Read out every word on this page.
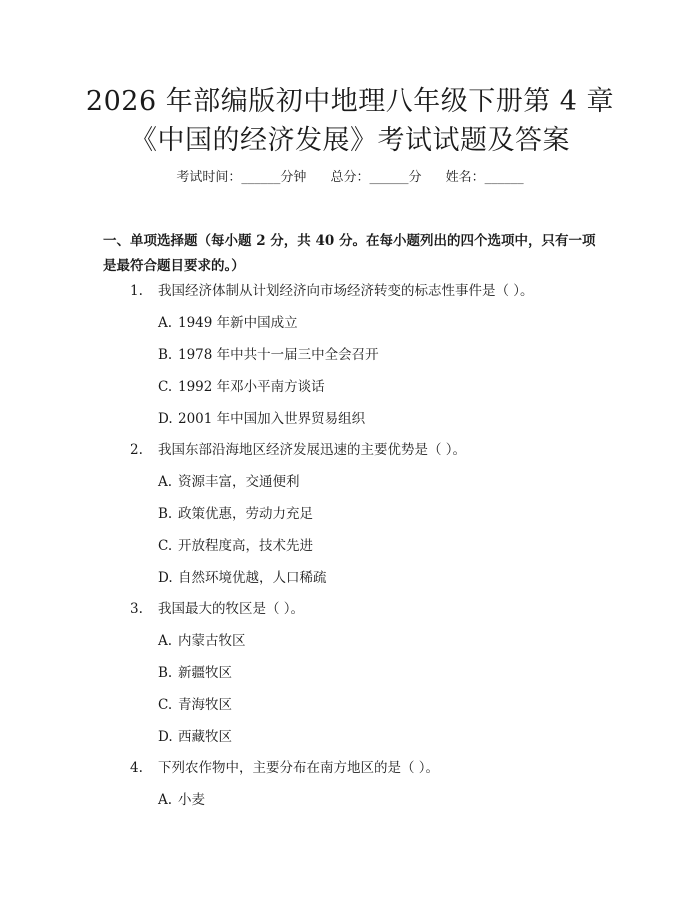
2026 年部编版初中地理八年级下册第 4 章
《中国的经济发展》考试试题及答案
考试时间：______分钟 总分：______分 姓名：______

一、单项选择题（每小题 2 分，共 40 分。在每小题列出的四个选项中，只有一项是最符合题目要求的。）

1. 我国经济体制从计划经济向市场经济转变的标志性事件是（ ）。
A. 1949 年新中国成立
B. 1978 年中共十一届三中全会召开
C. 1992 年邓小平南方谈话
D. 2001 年中国加入世界贸易组织
2. 我国东部沿海地区经济发展迅速的主要优势是（ ）。
A. 资源丰富，交通便利
B. 政策优惠，劳动力充足
C. 开放程度高，技术先进
D. 自然环境优越，人口稀疏
3. 我国最大的牧区是（ ）。
A. 内蒙古牧区
B. 新疆牧区
C. 青海牧区
D. 西藏牧区
4. 下列农作物中，主要分布在南方地区的是（ ）。
A. 小麦
